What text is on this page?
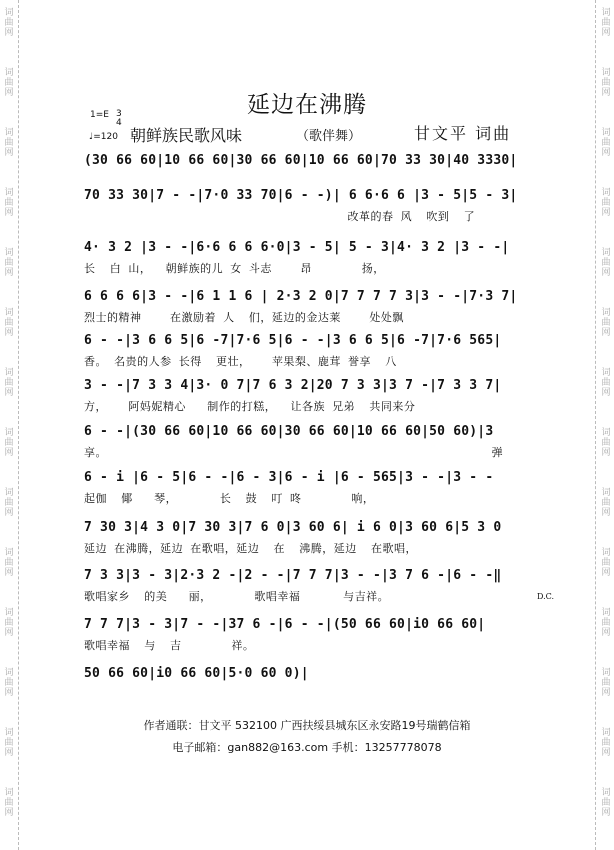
词
曲
网
词
曲
网
词
曲
网
词
曲
网
词
曲
网
词
曲
网
词
曲
网
词
曲
网
词
曲
网
词
曲
网
词
曲
网
词
曲
网
词
曲
网
词
曲
网
词
曲
网
词
曲
网
词
曲
网
词
曲
网
词
曲
网
词
曲
网
词
曲
网
词
曲
网
词
曲
网
词
曲
网
词
曲
网
词
曲
网
词
曲
网
词
曲
网
延边在沸腾
1=E 3
4
♩=120 朝鲜族民歌风味	（歌伴舞）	甘文平 词曲
(30 66 60|10 66 60|30 66 60|10 66 60|70 33 30|40 3330|
70 33 30|7 - -|7·0 33 70|6 - -)| 6 6·6 6 |3 - 5|5 - 3|
改革的春 风  吹到  了
4· 3 2 |3 - -|6·6 6 6 6·0|3 - 5| 5 - 3|4· 3 2 |3 - -|
长  白 山，  朝鲜族的儿 女 斗志    昂       扬，
6 6 6 6|3 - -|6 1 1 6 | 2·3 2 0|7 7 7 7 3|3 - -|7·3 7|
烈士的精神    在激励着 人  们，延边的金达莱    处处飘
6 - -|3 6 6 5|6 -7|7·6 5|6 - -|3 6 6 5|6 -7|7·6 565|
香。 名贵的人参 长得  更壮，   苹果梨、鹿茸 誉享  八
3 - -|7 3 3 4|3· 0 7|7 6 3 2|20 7 3 3|3 7 -|7 3 3 7|
方，   阿妈妮精心   制作的打糕，  让各族 兄弟  共同来分
6 - -|(30 66 60|10 66 60|30 66 60|10 66 60|50 60)|3
享。                                                      弹
6 - i |6 - 5|6 - -|6 - 3|6 - i |6 - 565|3 - -|3 - -
起伽  倻   琴，      长  鼓  叮 咚       响，
7 30 3|4 3 0|7 30 3|7 6 0|3 60 6| i 6 0|3 60 6|5 3 0
延边 在沸腾，延边 在歌唱，延边  在  沸腾，延边  在歌唱，
7 3 3|3 - 3|2·3 2 -|2 - -|7 7 7|3 - -|3 7 6 -|6 - -‖
歌唱家乡  的美   丽，      歌唱幸福      与吉祥。
7 7 7|3 - 3|7 - -|37 6 -|6 - -|(50 66 60|i0 66 60|
歌唱幸福  与  吉       祥。
50 66 60|i0 66 60|5·0 60 0)|
D.C.
作者通联：甘文平 532100 广西扶绥县城东区永安路19号瑞鹤信箱
电子邮箱：gan882@163.com 手机：13257778078
